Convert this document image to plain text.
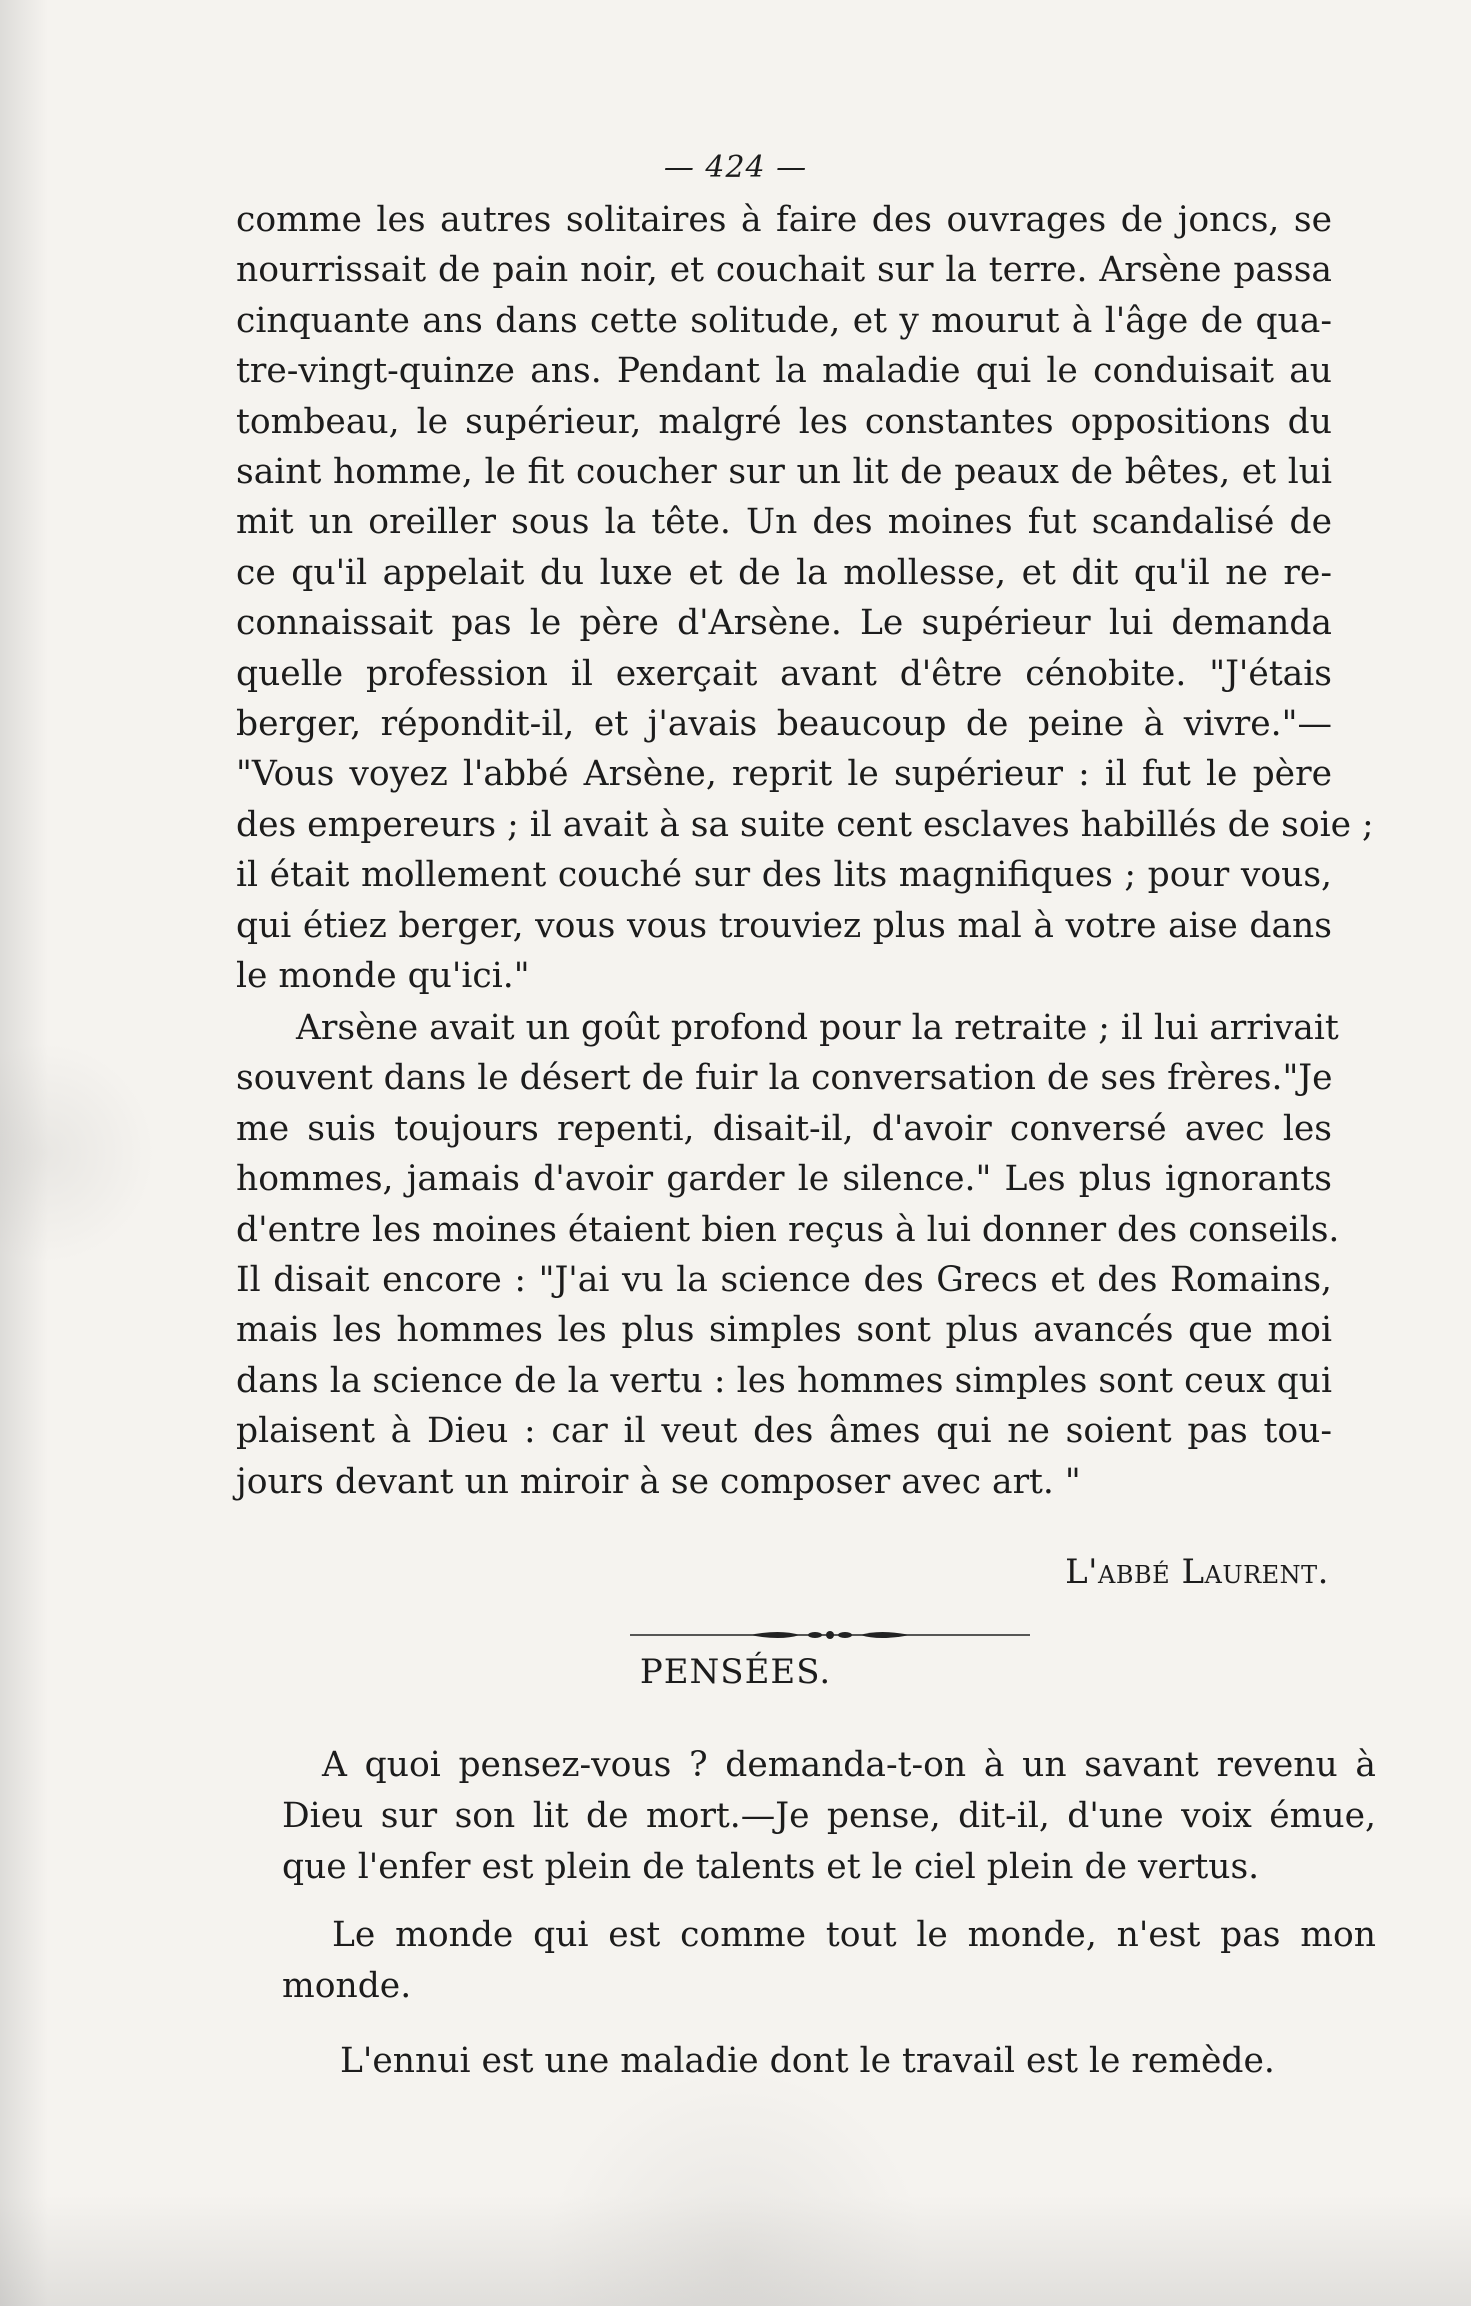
— 424 —

comme les autres solitaires à faire des ouvrages de joncs, se
nourrissait de pain noir, et couchait sur la terre. Arsène passa
cinquante ans dans cette solitude, et y mourut à l'âge de qua-
tre-vingt-quinze ans. Pendant la maladie qui le conduisait au
tombeau, le supérieur, malgré les constantes oppositions du
saint homme, le fit coucher sur un lit de peaux de bêtes, et lui
mit un oreiller sous la tête. Un des moines fut scandalisé de
ce qu'il appelait du luxe et de la mollesse, et dit qu'il ne re-
connaissait pas le père d'Arsène. Le supérieur lui demanda
quelle profession il exerçait avant d'être cénobite. "J'étais
berger, répondit-il, et j'avais beaucoup de peine à vivre."—
"Vous voyez l'abbé Arsène, reprit le supérieur : il fut le père
des empereurs ; il avait à sa suite cent esclaves habillés de soie ;
il était mollement couché sur des lits magnifiques ; pour vous,
qui étiez berger, vous vous trouviez plus mal à votre aise dans
le monde qu'ici."

Arsène avait un goût profond pour la retraite ; il lui arrivait
souvent dans le désert de fuir la conversation de ses frères."Je
me suis toujours repenti, disait-il, d'avoir conversé avec les
hommes, jamais d'avoir garder le silence." Les plus ignorants
d'entre les moines étaient bien reçus à lui donner des conseils.
Il disait encore : "J'ai vu la science des Grecs et des Romains,
mais les hommes les plus simples sont plus avancés que moi
dans la science de la vertu : les hommes simples sont ceux qui
plaisent à Dieu : car il veut des âmes qui ne soient pas tou-
jours devant un miroir à se composer avec art. "

L'abbé Laurent.
PENSÉES.

A quoi pensez-vous ? demanda-t-on à un savant revenu à
Dieu sur son lit de mort.—Je pense, dit-il, d'une voix émue,
que l'enfer est plein de talents et le ciel plein de vertus.

Le monde qui est comme tout le monde, n'est pas mon
monde.

L'ennui est une maladie dont le travail est le remède.
